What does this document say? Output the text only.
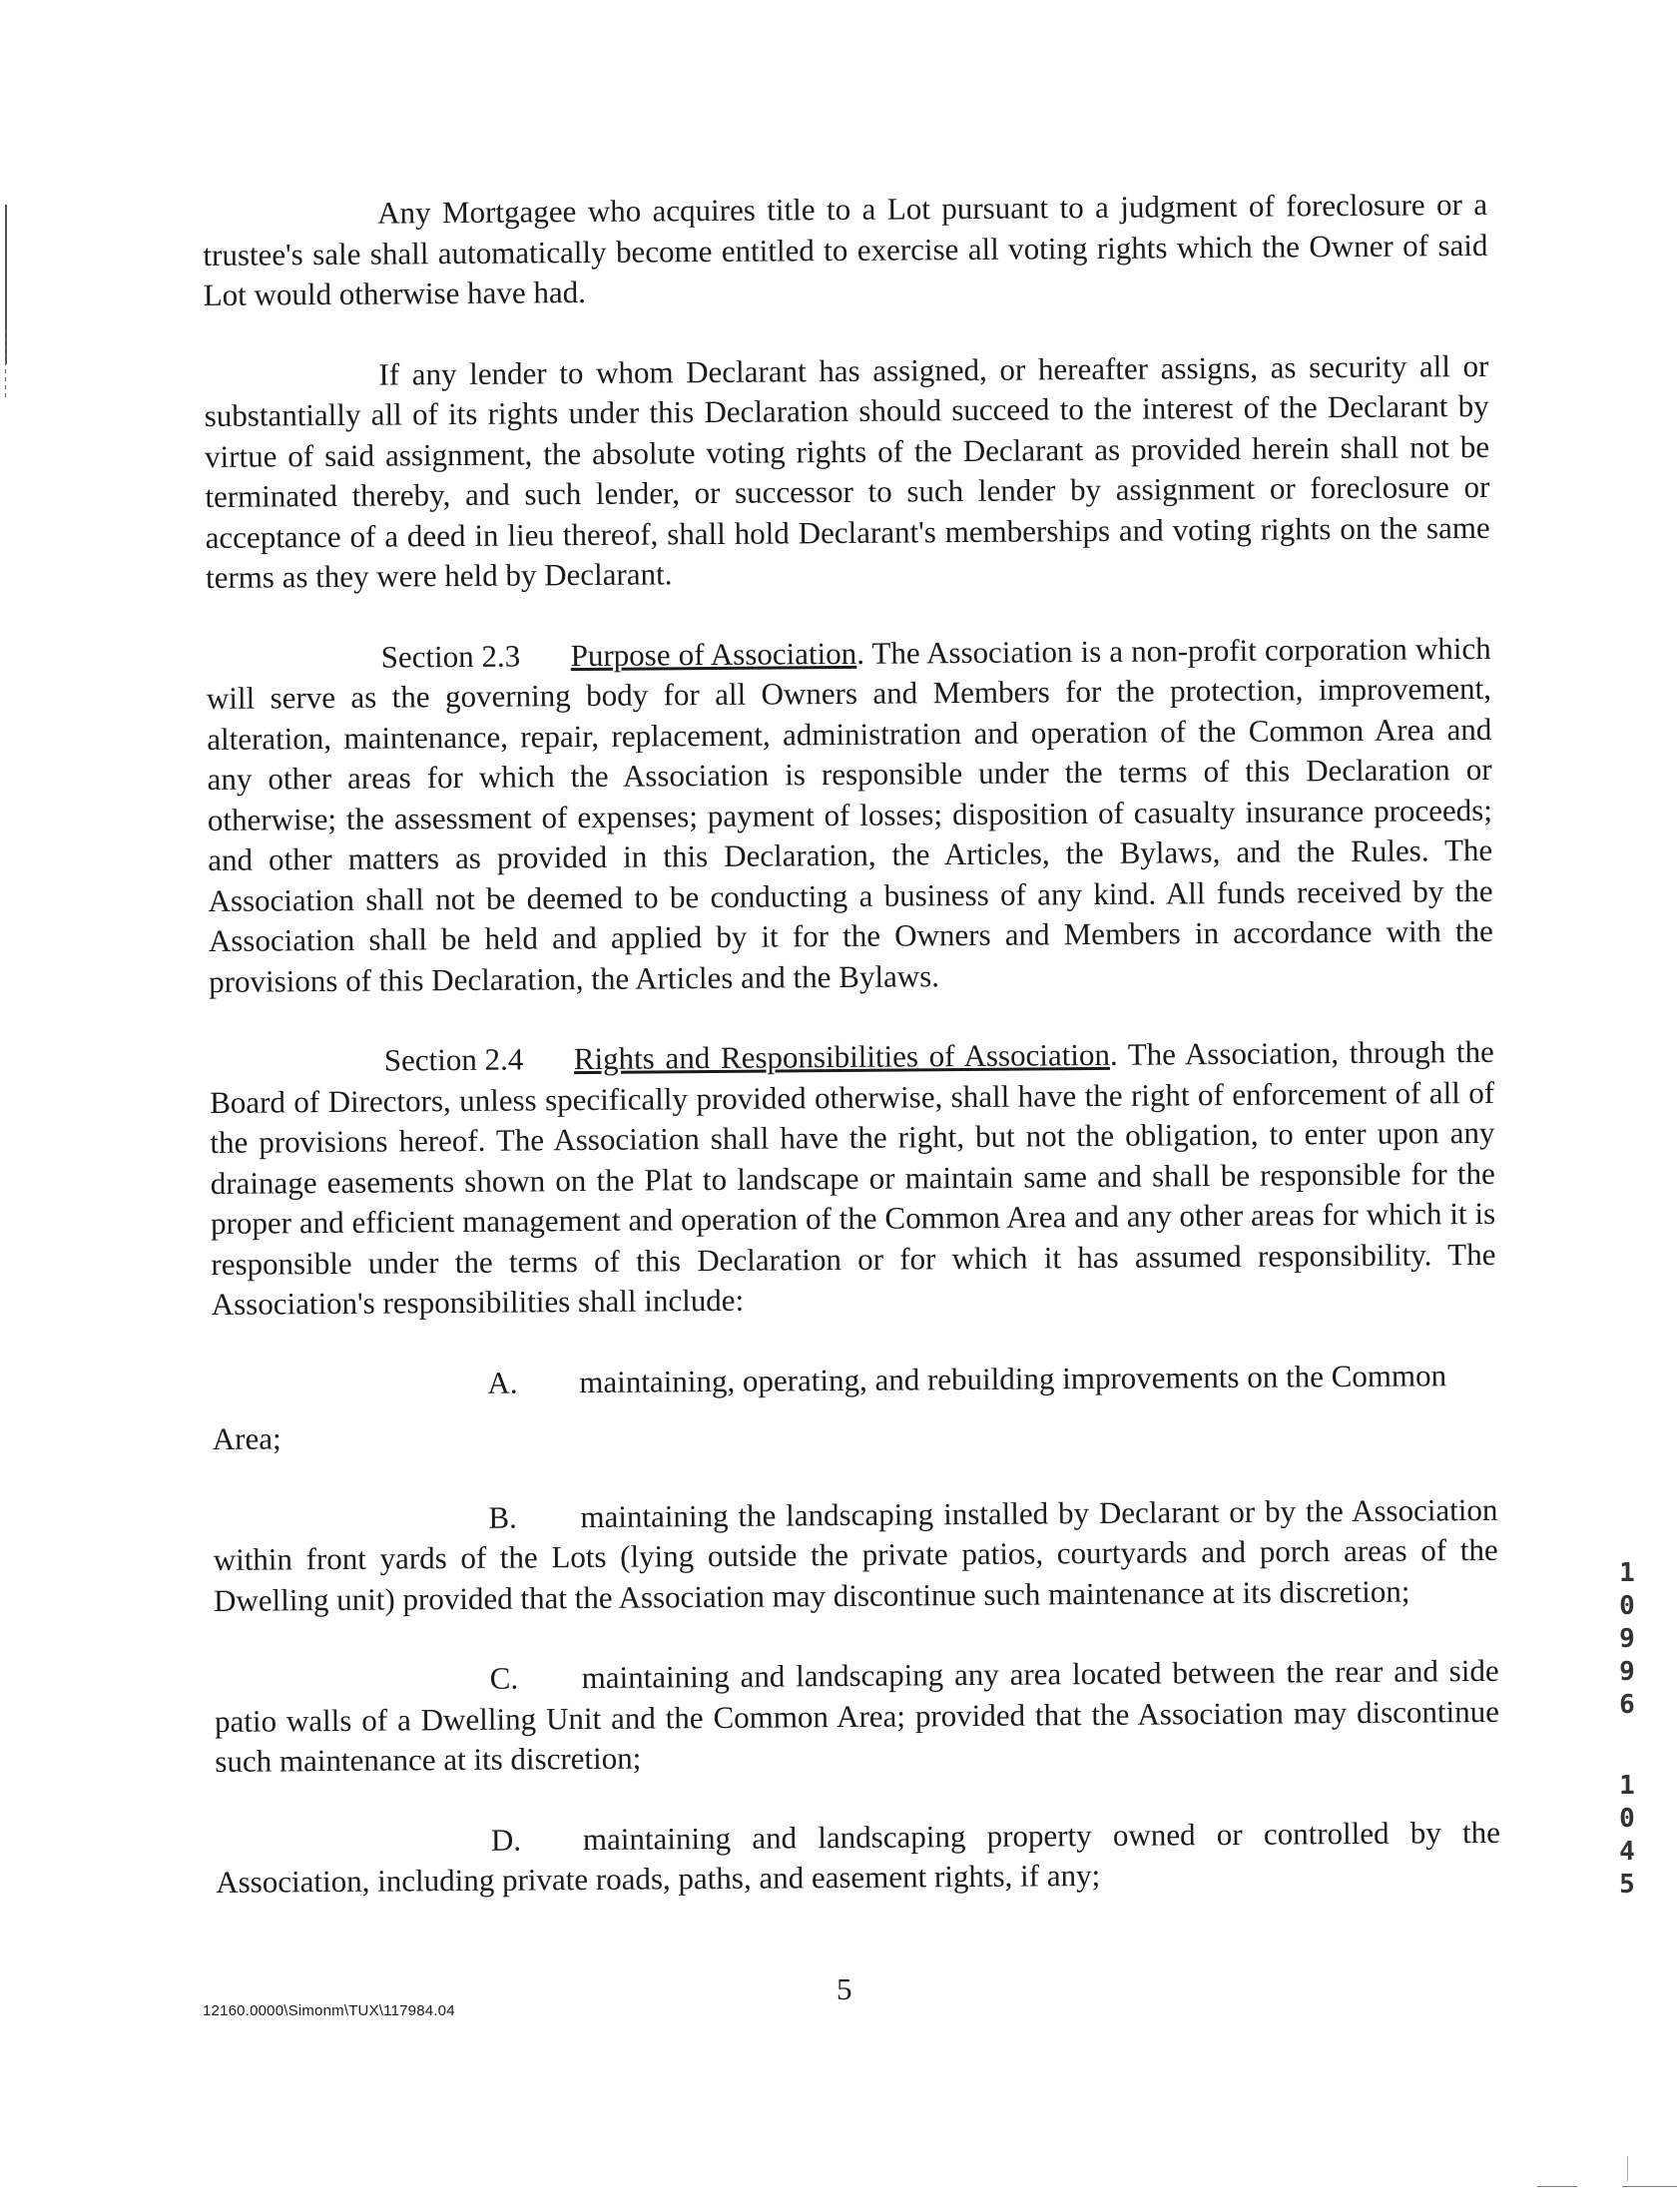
Any Mortgagee who acquires title to a Lot pursuant to a judgment of foreclosure or a trustee's sale shall automatically become entitled to exercise all voting rights which the Owner of said Lot would otherwise have had.

If any lender to whom Declarant has assigned, or hereafter assigns, as security all or substantially all of its rights under this Declaration should succeed to the interest of the Declarant by virtue of said assignment, the absolute voting rights of the Declarant as provided herein shall not be terminated thereby, and such lender, or successor to such lender by assignment or foreclosure or acceptance of a deed in lieu thereof, shall hold Declarant's memberships and voting rights on the same terms as they were held by Declarant.

Section 2.3 Purpose of Association. The Association is a non-profit corporation which will serve as the governing body for all Owners and Members for the protection, improvement, alteration, maintenance, repair, replacement, administration and operation of the Common Area and any other areas for which the Association is responsible under the terms of this Declaration or otherwise; the assessment of expenses; payment of losses; disposition of casualty insurance proceeds; and other matters as provided in this Declaration, the Articles, the Bylaws, and the Rules. The Association shall not be deemed to be conducting a business of any kind. All funds received by the Association shall be held and applied by it for the Owners and Members in accordance with the provisions of this Declaration, the Articles and the Bylaws.

Section 2.4 Rights and Responsibilities of Association. The Association, through the Board of Directors, unless specifically provided otherwise, shall have the right of enforcement of all of the provisions hereof. The Association shall have the right, but not the obligation, to enter upon any drainage easements shown on the Plat to landscape or maintain same and shall be responsible for the proper and efficient management and operation of the Common Area and any other areas for which it is responsible under the terms of this Declaration or for which it has assumed responsibility. The Association's responsibilities shall include:

A. maintaining, operating, and rebuilding improvements on the Common

Area;

B. maintaining the landscaping installed by Declarant or by the Association within front yards of the Lots (lying outside the private patios, courtyards and porch areas of the Dwelling unit) provided that the Association may discontinue such maintenance at its discretion;

C. maintaining and landscaping any area located between the rear and side patio walls of a Dwelling Unit and the Common Area; provided that the Association may discontinue such maintenance at its discretion;

D. maintaining and landscaping property owned or controlled by the Association, including private roads, paths, and easement rights, if any;

5
12160.0000\Simonm\TUX\117984.04
1
0
9
9
6
1
0
4
5
